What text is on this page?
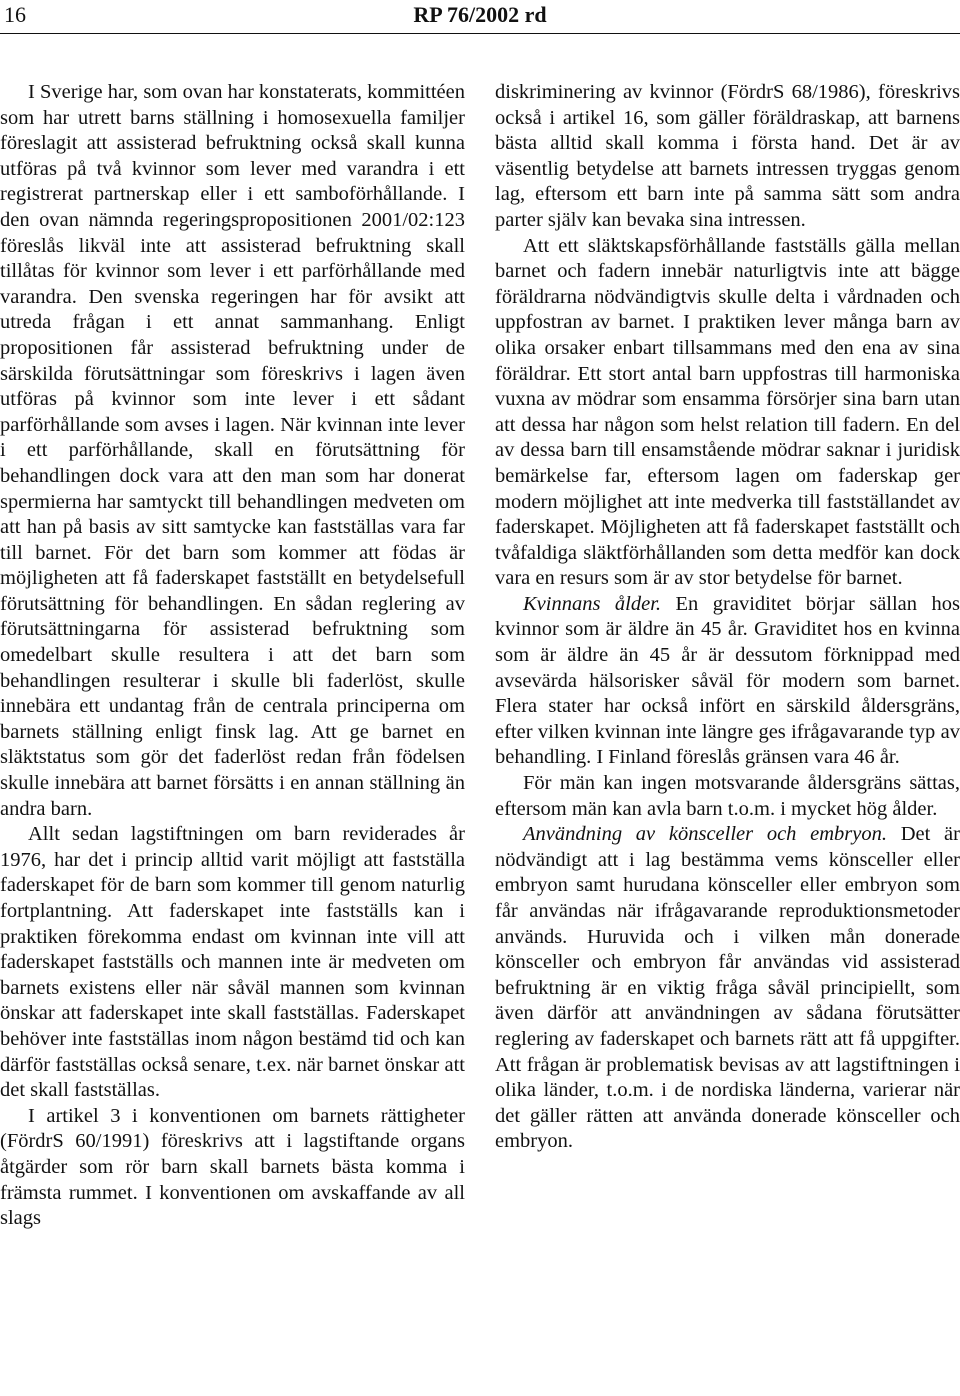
16	RP 76/2002 rd

I Sverige har, som ovan har konstaterats, kommittéen som har utrett barns ställning i homosexuella familjer föreslagit att assisterad befruktning också skall kunna utföras på två kvinnor som lever med varandra i ett registrerat partnerskap eller i ett samboförhållande. I den ovan nämnda regeringspropositionen 2001/02:123 föreslås likväl inte att assisterad befruktning skall tillåtas för kvinnor som lever i ett parförhållande med varandra. Den svenska regeringen har för avsikt att utreda frågan i ett annat sammanhang. Enligt propositionen får assisterad befruktning under de särskilda förutsättningar som föreskrivs i lagen även utföras på kvinnor som inte lever i ett sådant parförhållande som avses i lagen. När kvinnan inte lever i ett parförhållande, skall en förutsättning för behandlingen dock vara att den man som har donerat spermierna har samtyckt till behandlingen medveten om att han på basis av sitt samtycke kan fastställas vara far till barnet. För det barn som kommer att födas är möjligheten att få faderskapet fastställt en betydelsefull förutsättning för behandlingen. En sådan reglering av förutsättningarna för assisterad befruktning som omedelbart skulle resultera i att det barn som behandlingen resulterar i skulle bli faderlöst, skulle innebära ett undantag från de centrala principerna om barnets ställning enligt finsk lag. Att ge barnet en släktstatus som gör det faderlöst redan från födelsen skulle innebära att barnet försätts i en annan ställning än andra barn.

Allt sedan lagstiftningen om barn reviderades år 1976, har det i princip alltid varit möjligt att fastställa faderskapet för de barn som kommer till genom naturlig fortplantning. Att faderskapet inte fastställs kan i praktiken förekomma endast om kvinnan inte vill att faderskapet fastställs och mannen inte är medveten om barnets existens eller när såväl mannen som kvinnan önskar att faderskapet inte skall fastställas. Faderskapet behöver inte fastställas inom någon bestämd tid och kan därför fastställas också senare, t.ex. när barnet önskar att det skall fastställas.

I artikel 3 i konventionen om barnets rättigheter (FördrS 60/1991) föreskrivs att i lagstiftande organs åtgärder som rör barn skall barnets bästa komma i främsta rummet. I konventionen om avskaffande av all slags

diskriminering av kvinnor (FördrS 68/1986), föreskrivs också i artikel 16, som gäller föräldraskap, att barnens bästa alltid skall komma i första hand. Det är av väsentlig betydelse att barnets intressen tryggas genom lag, eftersom ett barn inte på samma sätt som andra parter själv kan bevaka sina intressen.

Att ett släktskapsförhållande fastställs gälla mellan barnet och fadern innebär naturligtvis inte att bägge föräldrarna nödvändigtvis skulle delta i vårdnaden och uppfostran av barnet. I praktiken lever många barn av olika orsaker enbart tillsammans med den ena av sina föräldrar. Ett stort antal barn uppfostras till harmoniska vuxna av mödrar som ensamma försörjer sina barn utan att dessa har någon som helst relation till fadern. En del av dessa barn till ensamstående mödrar saknar i juridisk bemärkelse far, eftersom lagen om faderskap ger modern möjlighet att inte medverka till fastställandet av faderskapet. Möjligheten att få faderskapet fastställt och tvåfaldiga släktförhållanden som detta medför kan dock vara en resurs som är av stor betydelse för barnet.

Kvinnans ålder. En graviditet börjar sällan hos kvinnor som är äldre än 45 år. Graviditet hos en kvinna som är äldre än 45 år är dessutom förknippad med avsevärda hälsorisker såväl för modern som barnet. Flera stater har också infört en särskild åldersgräns, efter vilken kvinnan inte längre ges ifrågavarande typ av behandling. I Finland föreslås gränsen vara 46 år.

För män kan ingen motsvarande åldersgräns sättas, eftersom män kan avla barn t.o.m. i mycket hög ålder.

Användning av könsceller och embryon. Det är nödvändigt att i lag bestämma vems könsceller eller embryon samt hurudana könsceller eller embryon som får användas när ifrågavarande reproduktionsmetoder används. Huruvida och i vilken mån donerade könsceller och embryon får användas vid assisterad befruktning är en viktig fråga såväl principiellt, som även därför att användningen av sådana förutsätter reglering av faderskapet och barnets rätt att få uppgifter. Att frågan är problematisk bevisas av att lagstiftningen i olika länder, t.o.m. i de nordiska länderna, varierar när det gäller rätten att använda donerade könsceller och embryon.
